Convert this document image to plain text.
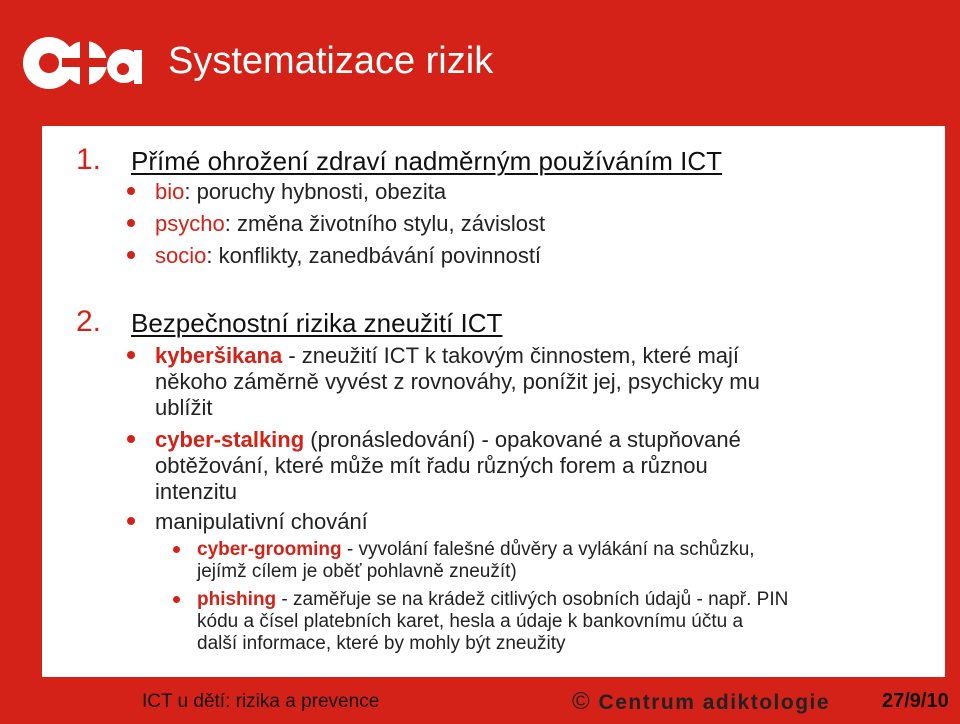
Systematizace rizik
1. Přímé ohrožení zdraví nadměrným používáním ICT
bio: poruchy hybnosti, obezita
psycho: změna životního stylu, závislost
socio: konflikty, zanedbávání povinností
2. Bezpečnostní rizika zneužití ICT
kyberšikana - zneužití ICT k takovým činnostem, které mají
někoho záměrně vyvést z rovnováhy, ponížit jej, psychicky mu
ublížit
cyber-stalking (pronásledování) - opakované a stupňované
obtěžování, které může mít řadu různých forem a různou
intenzitu
manipulativní chování
cyber-grooming - vyvolání falešné důvěry a vylákání na schůzku,
jejímž cílem je oběť pohlavně zneužít)
phishing - zaměřuje se na krádež citlivých osobních údajů - např. PIN
kódu a čísel platebních karet, hesla a údaje k bankovnímu účtu a
další informace, které by mohly být zneužity
ICT u dětí: rizika a prevence	© Centrum adiktologie	27/9/10
